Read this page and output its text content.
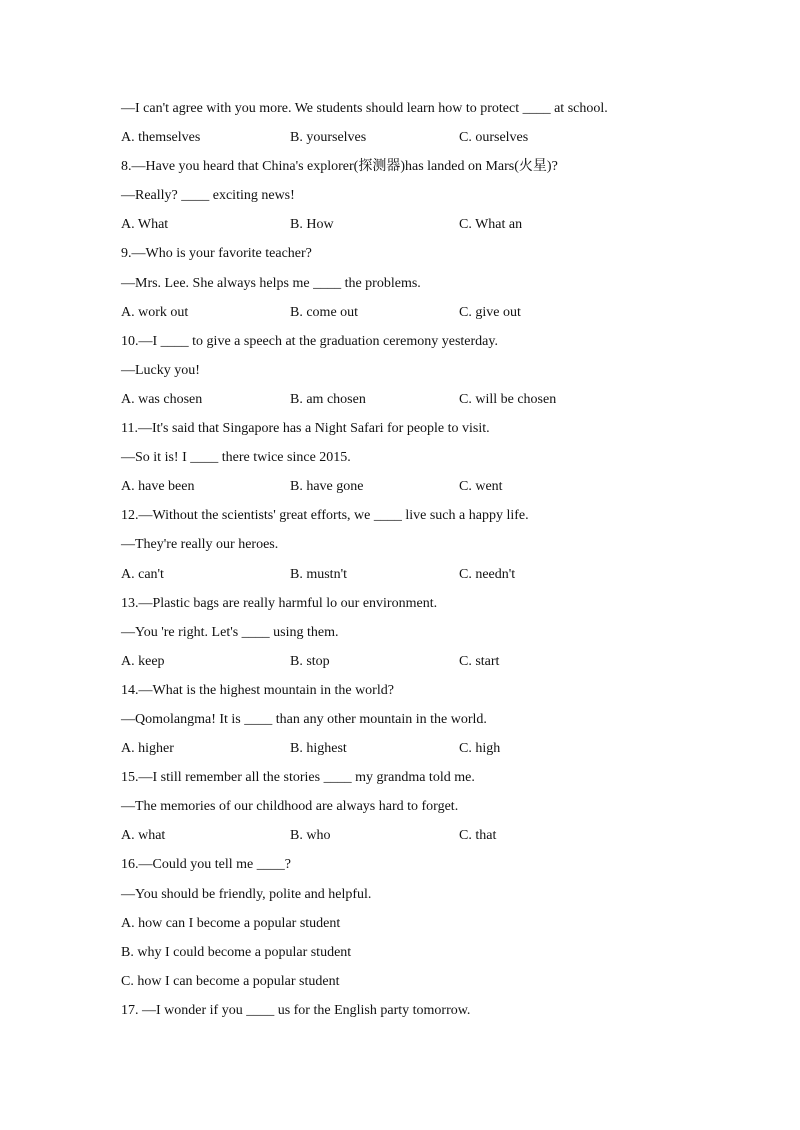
—I can't agree with you more. We students should learn how to protect ____ at school.
A. themselves	B. yourselves	C. ourselves
8.—Have you heard that China's explorer(探测器)has landed on Mars(火星)?
—Really? ____ exciting news!
A. What	B. How	C. What an
9.—Who is your favorite teacher?
—Mrs. Lee. She always helps me ____ the problems.
A. work out	B. come out	C. give out
10.—I ____ to give a speech at the graduation ceremony yesterday.
—Lucky you!
A. was chosen	B. am chosen	C. will be chosen
11.—It's said that Singapore has a Night Safari for people to visit.
—So it is! I ____ there twice since 2015.
A. have been	B. have gone	C. went
12.—Without the scientists' great efforts, we ____ live such a happy life.
—They're really our heroes.
A. can't	B. mustn't	C. needn't
13.—Plastic bags are really harmful lo our environment.
—You 're right. Let's ____ using them.
A. keep	B. stop	C. start
14.—What is the highest mountain in the world?
—Qomolangma! It is ____ than any other mountain in the world.
A. higher	B. highest	C. high
15.—I still remember all the stories ____ my grandma told me.
—The memories of our childhood are always hard to forget.
A. what	B. who	C. that
16.—Could you tell me ____?
—You should be friendly, polite and helpful.
A. how can I become a popular student
B. why I could become a popular student
C. how I can become a popular student
17. —I wonder if you ____ us for the English party tomorrow.
